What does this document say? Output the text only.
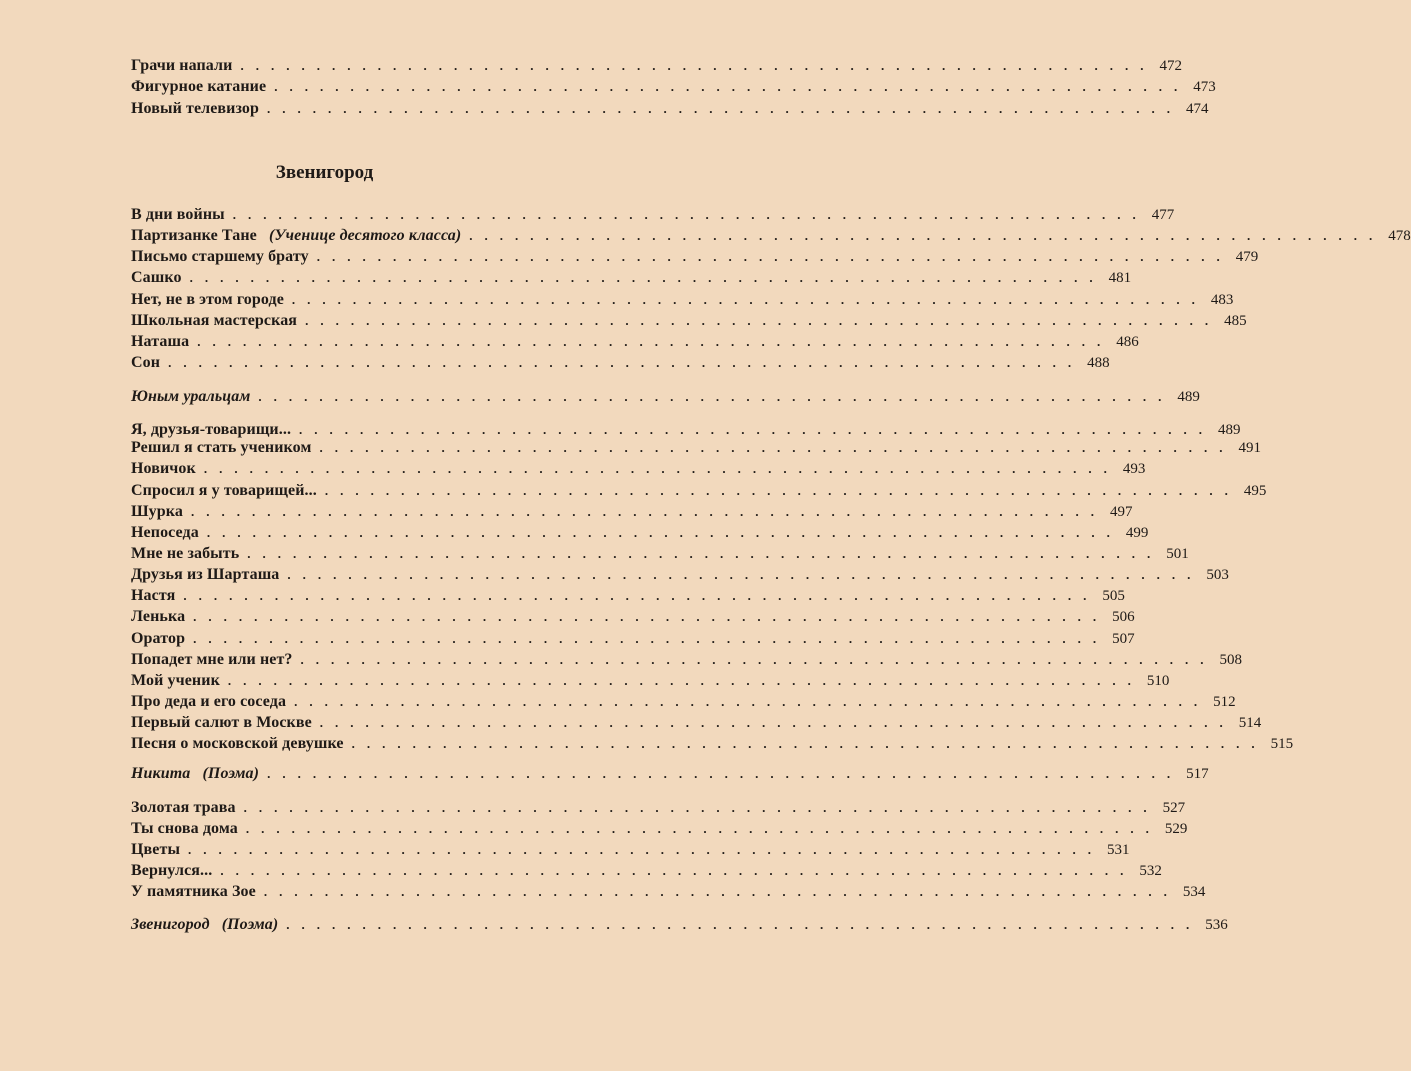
Звенигород
Грачи напали ............................................................ 472
Фигурное катание ............................................................ 473
Новый телевизор ............................................................ 474
В дни войны ............................................................ 477
Партизанке Тане (Ученице десятого класса) ............................................................ 478
Письмо старшему брату ............................................................ 479
Сашко ............................................................ 481
Нет, не в этом городе ............................................................ 483
Школьная мастерская ............................................................ 485
Наташа ............................................................ 486
Сон ............................................................ 488
Юным уральцам ............................................................ 489
Я, друзья-товарищи... ............................................................ 489
Решил я стать учеником ............................................................ 491
Новичок ............................................................ 493
Спросил я у товарищей... ............................................................ 495
Шурка ............................................................ 497
Непоседа ............................................................ 499
Мне не забыть ............................................................ 501
Друзья из Шарташа ............................................................ 503
Настя ............................................................ 505
Ленька ............................................................ 506
Оратор ............................................................ 507
Попадет мне или нет? ............................................................ 508
Мой ученик ............................................................ 510
Про деда и его соседа ............................................................ 512
Первый салют в Москве ............................................................ 514
Песня о московской девушке ............................................................ 515
Никита (Поэма) ............................................................ 517
Золотая трава ............................................................ 527
Ты снова дома ............................................................ 529
Цветы ............................................................ 531
Вернулся... ............................................................ 532
У памятника Зое ............................................................ 534
Звенигород (Поэма) ............................................................ 536
